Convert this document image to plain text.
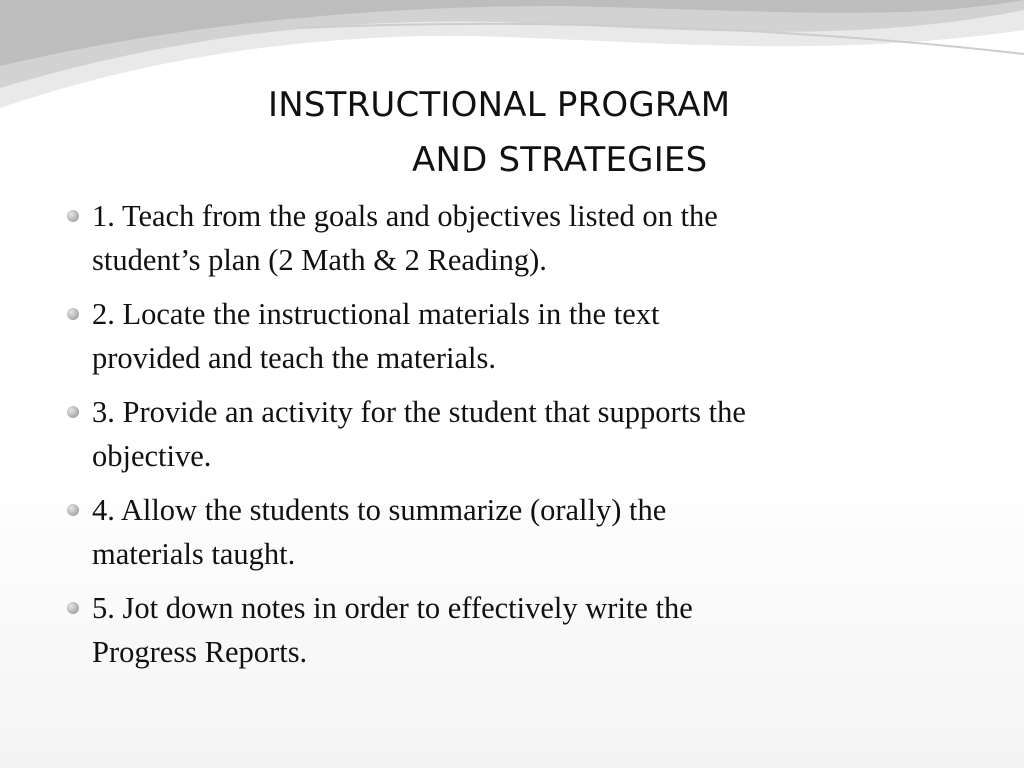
INSTRUCTIONAL PROGRAM
AND STRATEGIES
1. Teach from the goals and objectives listed on the
student’s plan (2 Math & 2 Reading).
2. Locate the instructional materials in the text
provided and teach the materials.
3. Provide an activity for the student that supports the
objective.
4. Allow the students to summarize (orally) the
materials taught.
5. Jot down notes in order to effectively write the
Progress Reports.
